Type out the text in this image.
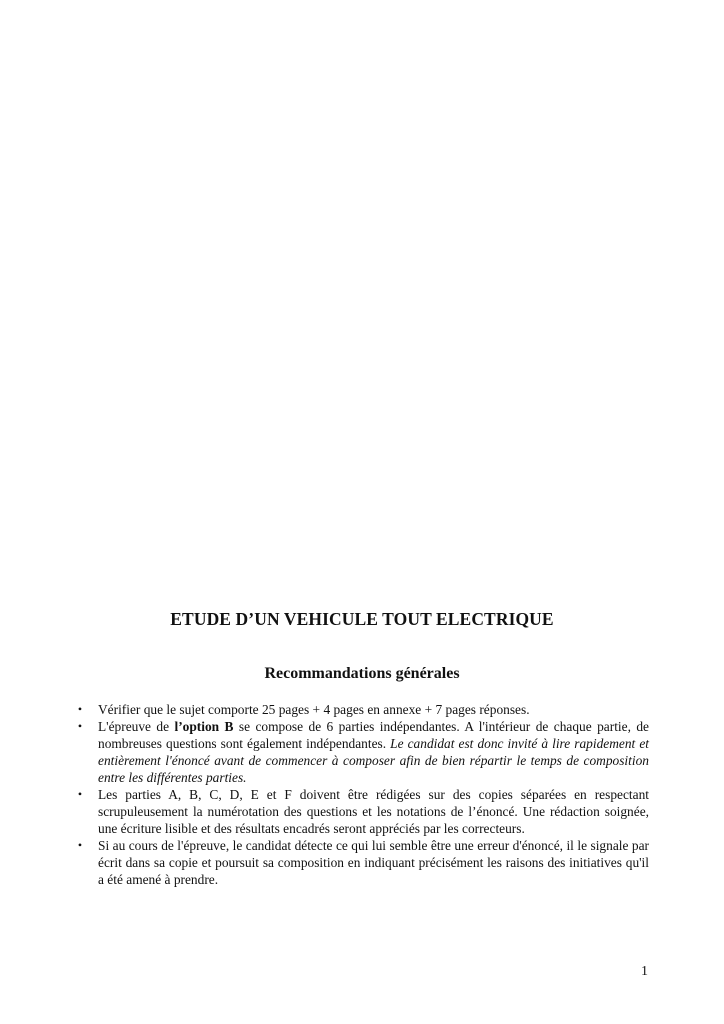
ETUDE D’UN VEHICULE TOUT ELECTRIQUE
Recommandations générales
• Vérifier que le sujet comporte 25 pages + 4 pages en annexe + 7 pages réponses.
• L'épreuve de l’option B se compose de 6 parties indépendantes. A l'intérieur de chaque partie, de nombreuses questions sont également indépendantes. Le candidat est donc invité à lire rapidement et entièrement l'énoncé avant de commencer à composer afin de bien répartir le temps de composition entre les différentes parties.
• Les parties A, B, C, D, E et F doivent être rédigées sur des copies séparées en respectant scrupuleusement la numérotation des questions et les notations de l’énoncé. Une rédaction soignée, une écriture lisible et des résultats encadrés seront appréciés par les correcteurs.
• Si au cours de l'épreuve, le candidat détecte ce qui lui semble être une erreur d'énoncé, il le signale par écrit dans sa copie et poursuit sa composition en indiquant précisément les raisons des initiatives qu'il a été amené à prendre.
1
